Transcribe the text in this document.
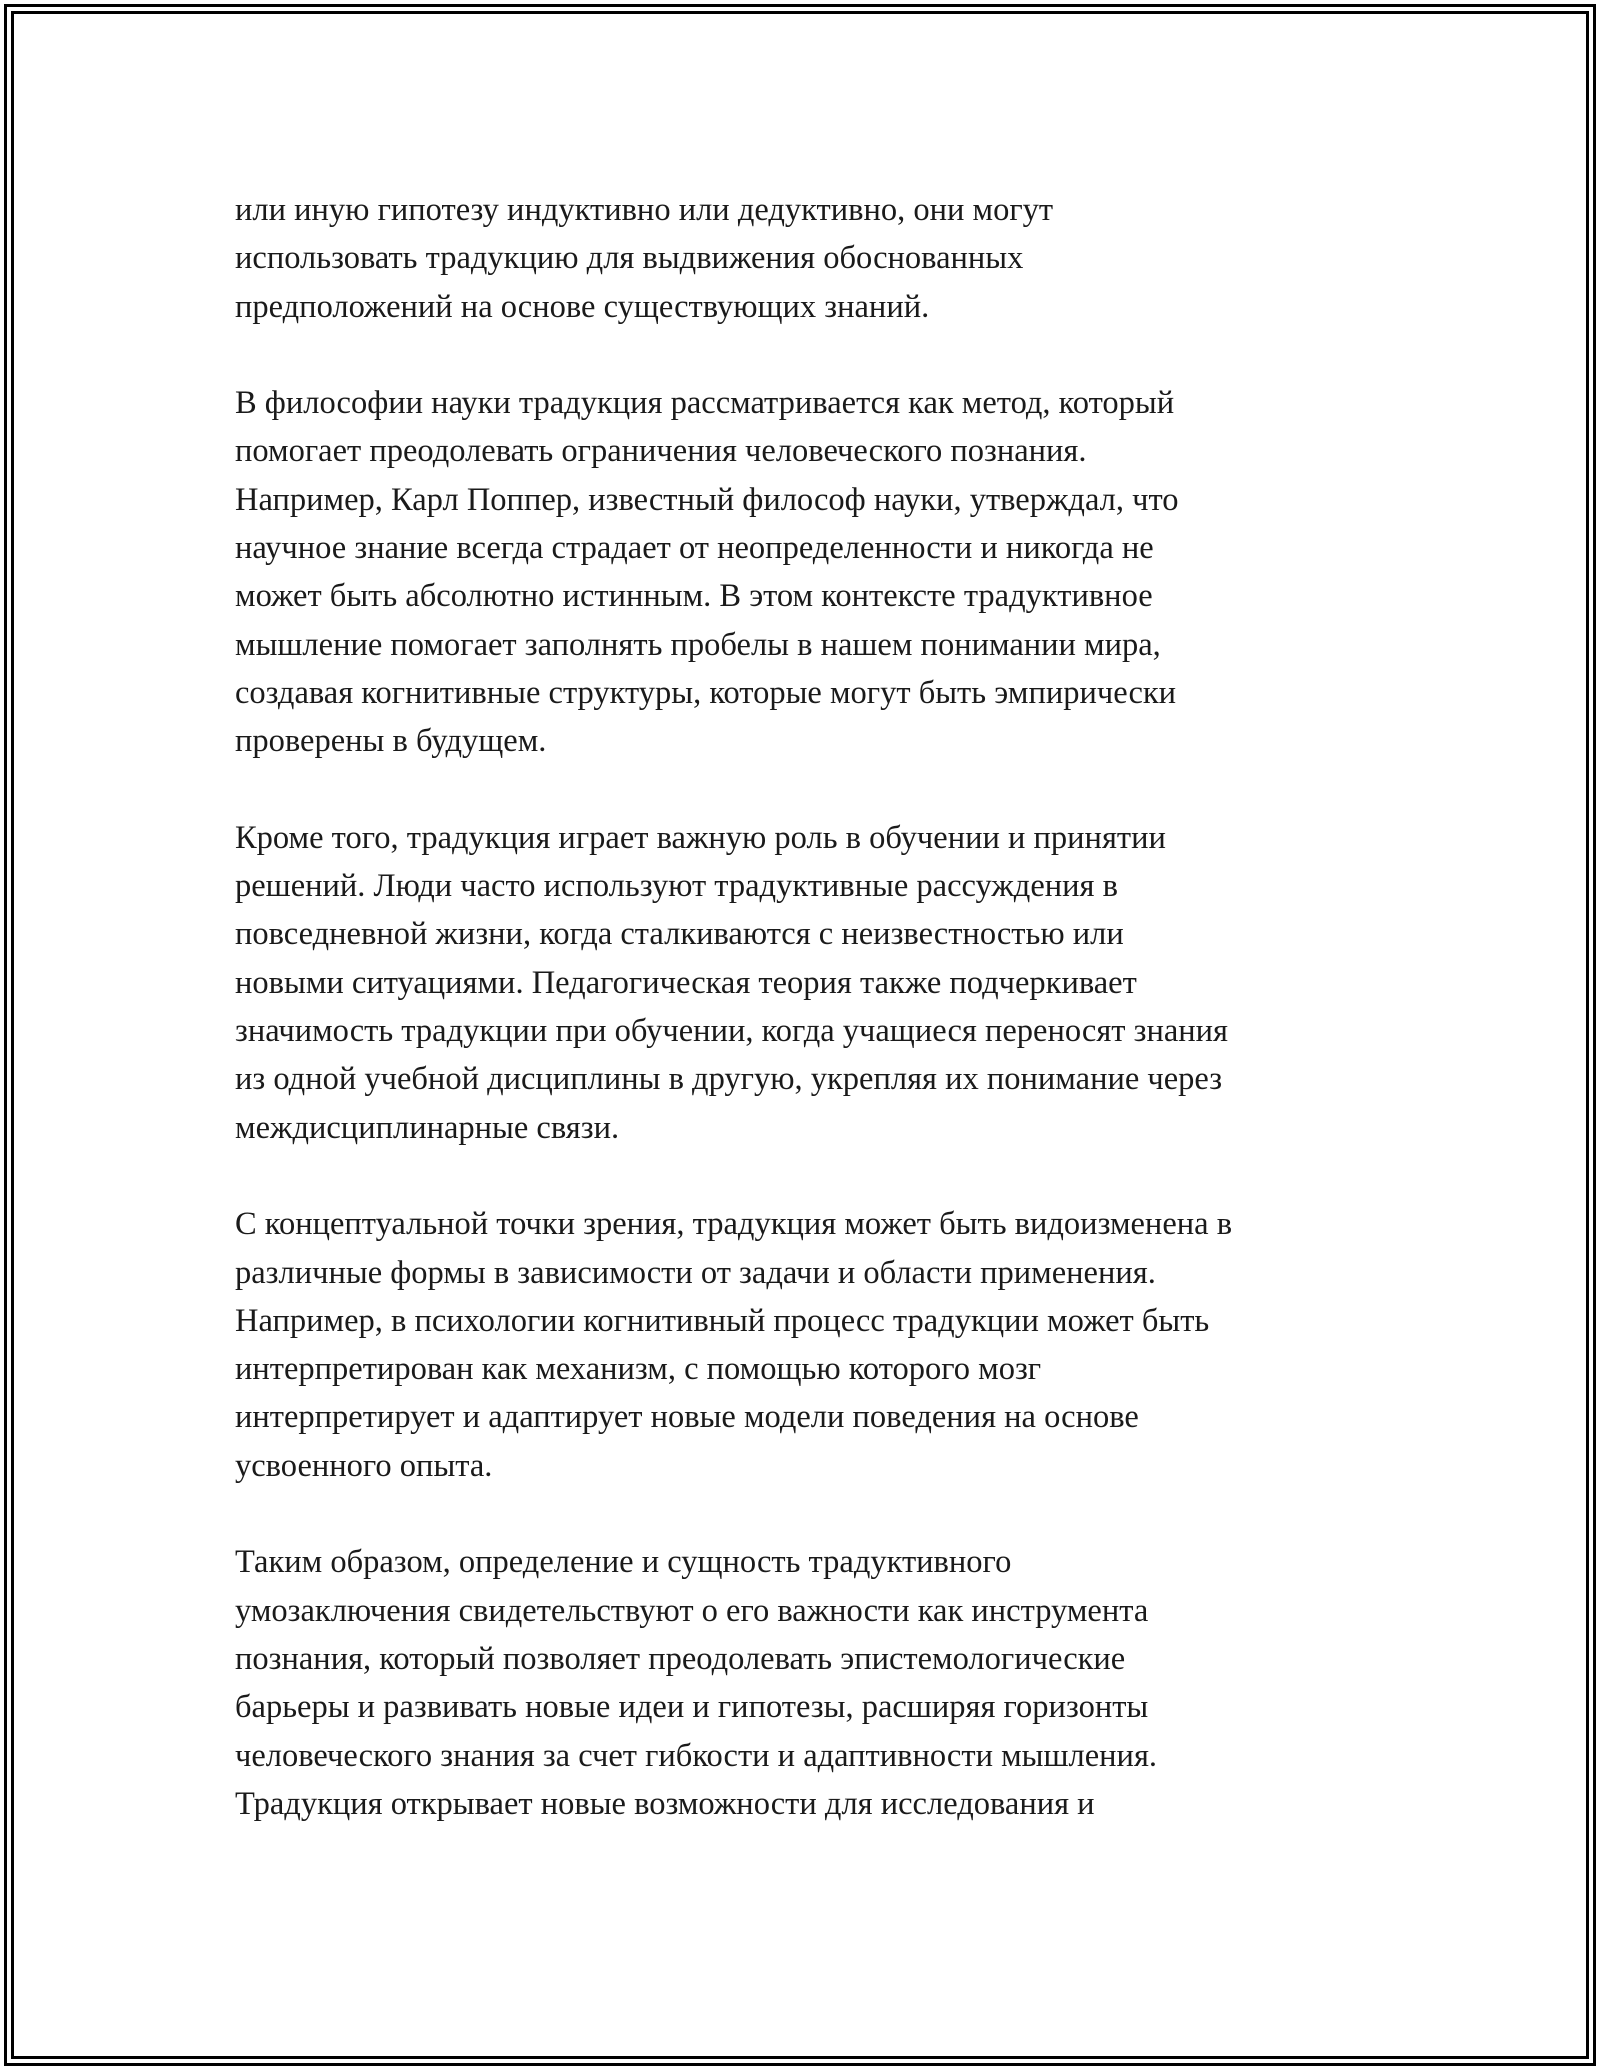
или иную гипотезу индуктивно или дедуктивно, они могут
использовать традукцию для выдвижения обоснованных
предположений на основе существующих знаний.

В философии науки традукция рассматривается как метод, который
помогает преодолевать ограничения человеческого познания.
Например, Карл Поппер, известный философ науки, утверждал, что
научное знание всегда страдает от неопределенности и никогда не
может быть абсолютно истинным. В этом контексте традуктивное
мышление помогает заполнять пробелы в нашем понимании мира,
создавая когнитивные структуры, которые могут быть эмпирически
проверены в будущем.

Кроме того, традукция играет важную роль в обучении и принятии
решений. Люди часто используют традуктивные рассуждения в
повседневной жизни, когда сталкиваются с неизвестностью или
новыми ситуациями. Педагогическая теория также подчеркивает
значимость традукции при обучении, когда учащиеся переносят знания
из одной учебной дисциплины в другую, укрепляя их понимание через
междисциплинарные связи.

С концептуальной точки зрения, традукция может быть видоизменена в
различные формы в зависимости от задачи и области применения.
Например, в психологии когнитивный процесс традукции может быть
интерпретирован как механизм, с помощью которого мозг
интерпретирует и адаптирует новые модели поведения на основе
усвоенного опыта.

Таким образом, определение и сущность традуктивного
умозаключения свидетельствуют о его важности как инструмента
познания, который позволяет преодолевать эпистемологические
барьеры и развивать новые идеи и гипотезы, расширяя горизонты
человеческого знания за счет гибкости и адаптивности мышления.
Традукция открывает новые возможности для исследования и
